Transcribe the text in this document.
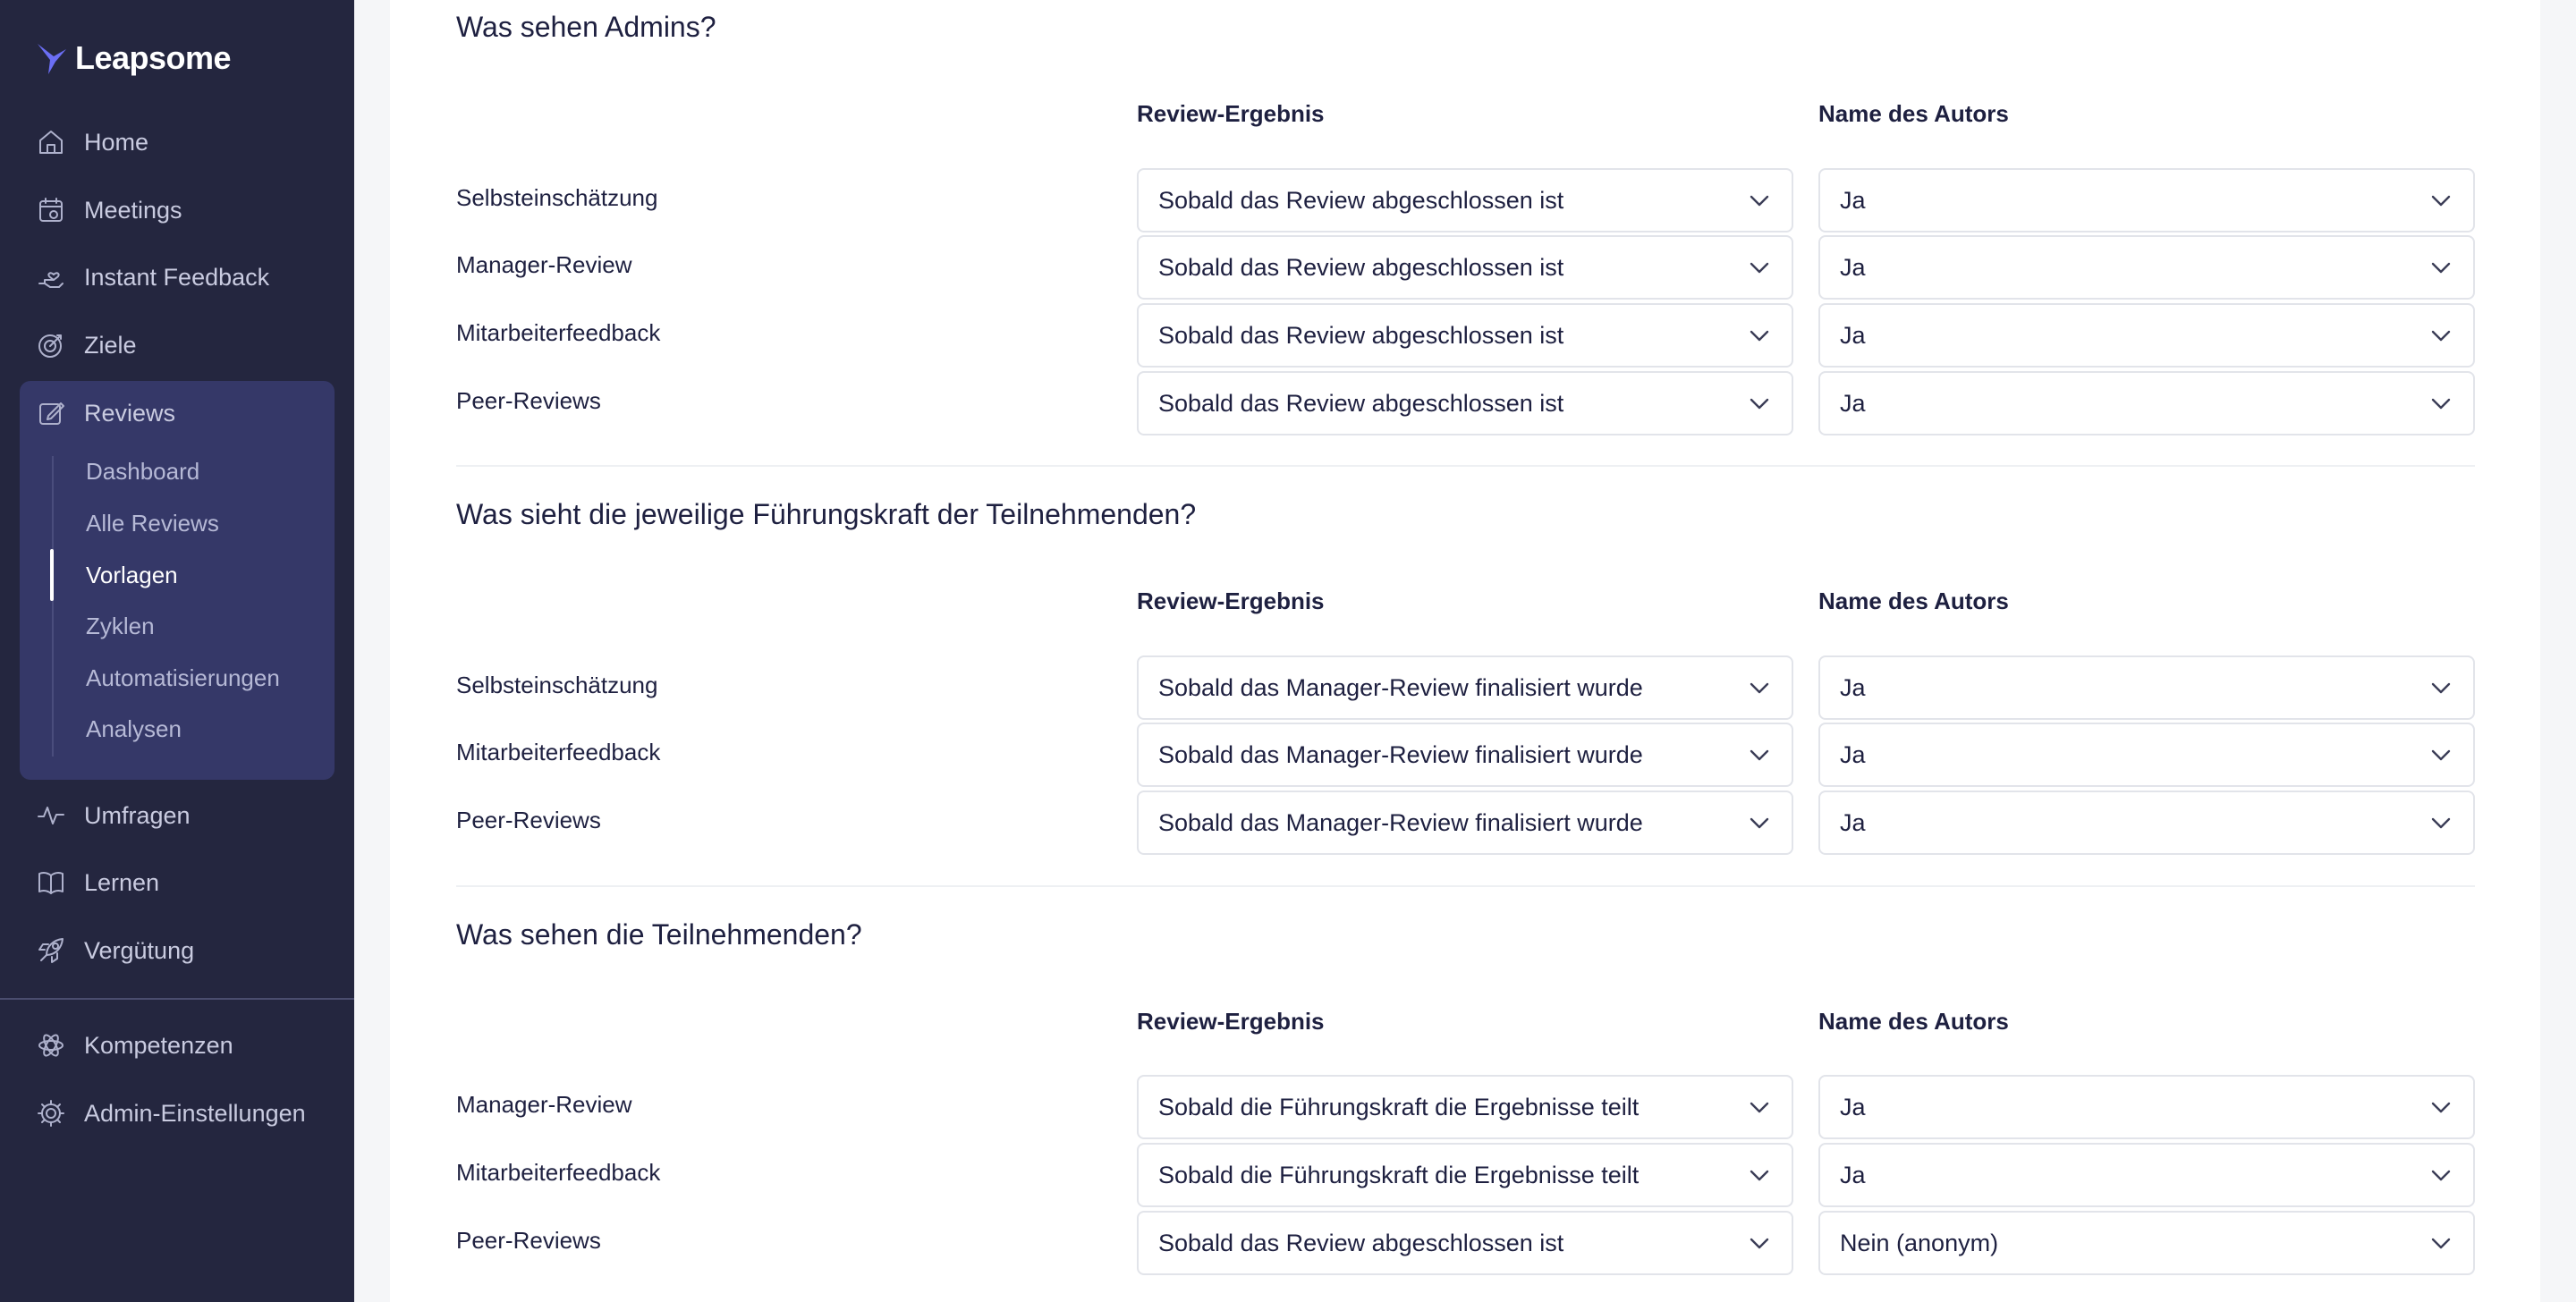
Leapsome
Home
Meetings
Instant Feedback
Ziele
Reviews
Dashboard
Alle Reviews
Vorlagen
Zyklen
Automatisierungen
Analysen
Umfragen
Lernen
Vergütung
Kompetenzen
Admin-Einstellungen
Was sehen Admins?
Review-Ergebnis	Name des Autors
Selbsteinschätzung	Sobald das Review abgeschlossen ist	Ja
Manager-Review	Sobald das Review abgeschlossen ist	Ja
Mitarbeiterfeedback	Sobald das Review abgeschlossen ist	Ja
Peer-Reviews	Sobald das Review abgeschlossen ist	Ja
Was sieht die jeweilige Führungskraft der Teilnehmenden?
Review-Ergebnis	Name des Autors
Selbsteinschätzung	Sobald das Manager-Review finalisiert wurde	Ja
Mitarbeiterfeedback	Sobald das Manager-Review finalisiert wurde	Ja
Peer-Reviews	Sobald das Manager-Review finalisiert wurde	Ja
Was sehen die Teilnehmenden?
Review-Ergebnis	Name des Autors
Manager-Review	Sobald die Führungskraft die Ergebnisse teilt	Ja
Mitarbeiterfeedback	Sobald die Führungskraft die Ergebnisse teilt	Ja
Peer-Reviews	Sobald das Review abgeschlossen ist	Nein (anonym)
